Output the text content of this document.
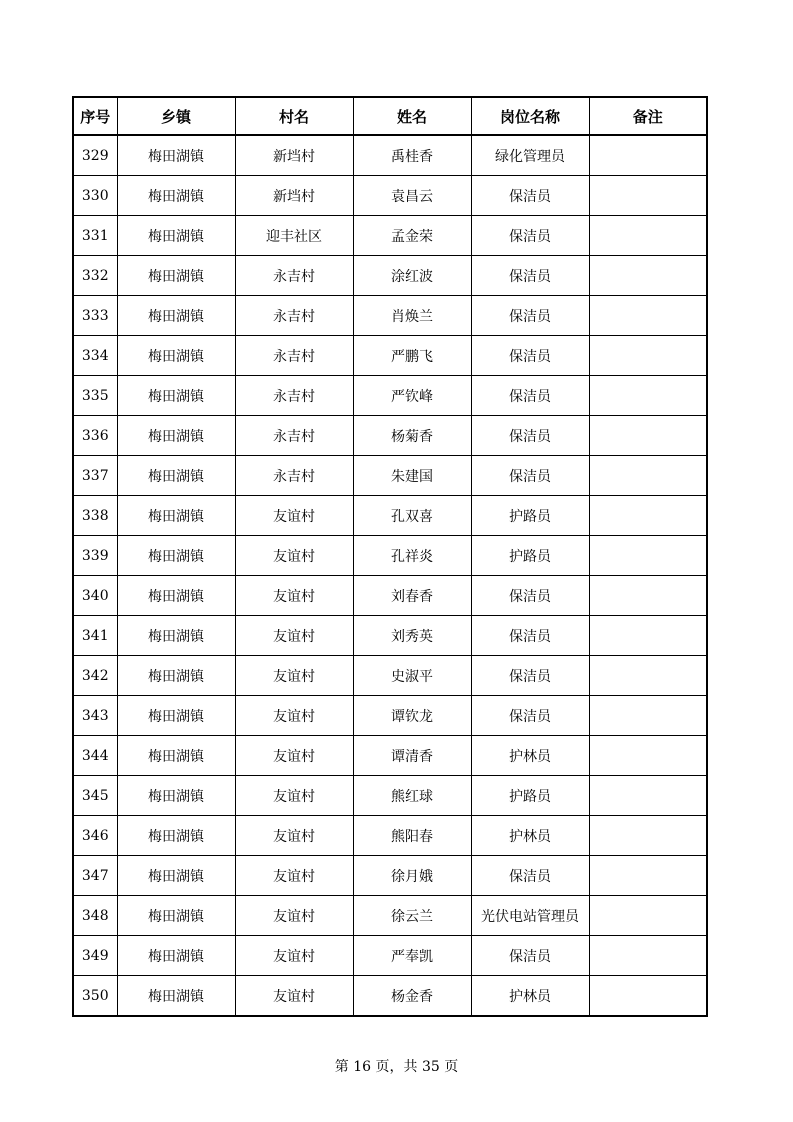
序号	乡镇	村名	姓名	岗位名称	备注
329	梅田湖镇	新垱村	禹桂香	绿化管理员	
330	梅田湖镇	新垱村	袁昌云	保洁员	
331	梅田湖镇	迎丰社区	孟金荣	保洁员	
332	梅田湖镇	永吉村	涂红波	保洁员	
333	梅田湖镇	永吉村	肖焕兰	保洁员	
334	梅田湖镇	永吉村	严鹏飞	保洁员	
335	梅田湖镇	永吉村	严钦峰	保洁员	
336	梅田湖镇	永吉村	杨菊香	保洁员	
337	梅田湖镇	永吉村	朱建国	保洁员	
338	梅田湖镇	友谊村	孔双喜	护路员	
339	梅田湖镇	友谊村	孔祥炎	护路员	
340	梅田湖镇	友谊村	刘春香	保洁员	
341	梅田湖镇	友谊村	刘秀英	保洁员	
342	梅田湖镇	友谊村	史淑平	保洁员	
343	梅田湖镇	友谊村	谭钦龙	保洁员	
344	梅田湖镇	友谊村	谭清香	护林员	
345	梅田湖镇	友谊村	熊红球	护路员	
346	梅田湖镇	友谊村	熊阳春	护林员	
347	梅田湖镇	友谊村	徐月娥	保洁员	
348	梅田湖镇	友谊村	徐云兰	光伏电站管理员	
349	梅田湖镇	友谊村	严奉凯	保洁员	
350	梅田湖镇	友谊村	杨金香	护林员	
第 16 页，共 35 页
